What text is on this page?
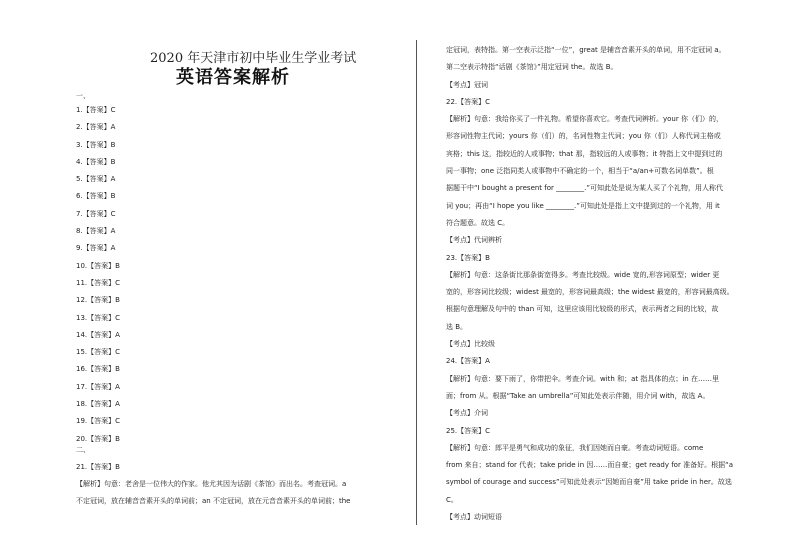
2020 年天津市初中毕业生学业考试
英语答案解析
一、
1.【答案】C
2.【答案】A
3.【答案】B
4.【答案】B
5.【答案】A
6.【答案】B
7.【答案】C
8.【答案】A
9.【答案】A
10.【答案】B
11.【答案】C
12.【答案】B
13.【答案】C
14.【答案】A
15.【答案】C
16.【答案】B
17.【答案】A
18.【答案】A
19.【答案】C
20.【答案】B
二、
21.【答案】B
【解析】句意：老舍是一位伟大的作家。他尤其因为话剧《茶馆》而出名。考查冠词。a
不定冠词，放在辅音音素开头的单词前；an 不定冠词，放在元音音素开头的单词前；the
定冠词，表特指。第一空表示泛指“一位”，great 是辅音音素开头的单词，用不定冠词 a。
第二空表示特指“话剧《茶馆》”用定冠词 the。故选 B。
【考点】冠词
22.【答案】C
【解析】句意：我给你买了一件礼物。希望你喜欢它。考查代词辨析。your 你（们）的，
形容词性物主代词；yours 你（们）的，名词性物主代词；you 你（们）人称代词主格或
宾格；this 这，指较近的人或事物；that 那，指较远的人或事物；it 特指上文中提到过的
同一事物；one 泛指同类人或事物中不确定的一个，相当于“a/an+可数名词单数”。根
据题干中“I bought a present for ________.”可知此处是说为某人买了个礼物，用人称代
词 you；再由“I hope you like ________.”可知此处是指上文中提到过的一个礼物，用 it
符合题意。故选 C。
【考点】代词辨析
23.【答案】B
【解析】句意：这条街比那条街宽得多。考查比较级。wide 宽的,形容词原型；wider 更
宽的，形容词比较级；widest 最宽的，形容词最高级；the widest 最宽的，形容词最高级。
根据句意理解及句中的 than 可知，这里应该用比较级的形式，表示两者之间的比较，故
选 B。
【考点】比较级
24.【答案】A
【解析】句意：要下雨了，你带把伞。考查介词。with 和；at 指具体的点；in 在……里
面；from 从。根据“Take an umbrella”可知此处表示伴随，用介词 with，故选 A。
【考点】介词
25.【答案】C
【解析】句意：郎平是勇气和成功的象征，我们因她而自豪。考查动词短语。come
from 来自；stand for 代表；take pride in 因……而自豪；get ready for 准备好。根据“a
symbol of courage and success”可知此处表示“因她而自豪”用 take pride in her。故选
C。
【考点】动词短语
